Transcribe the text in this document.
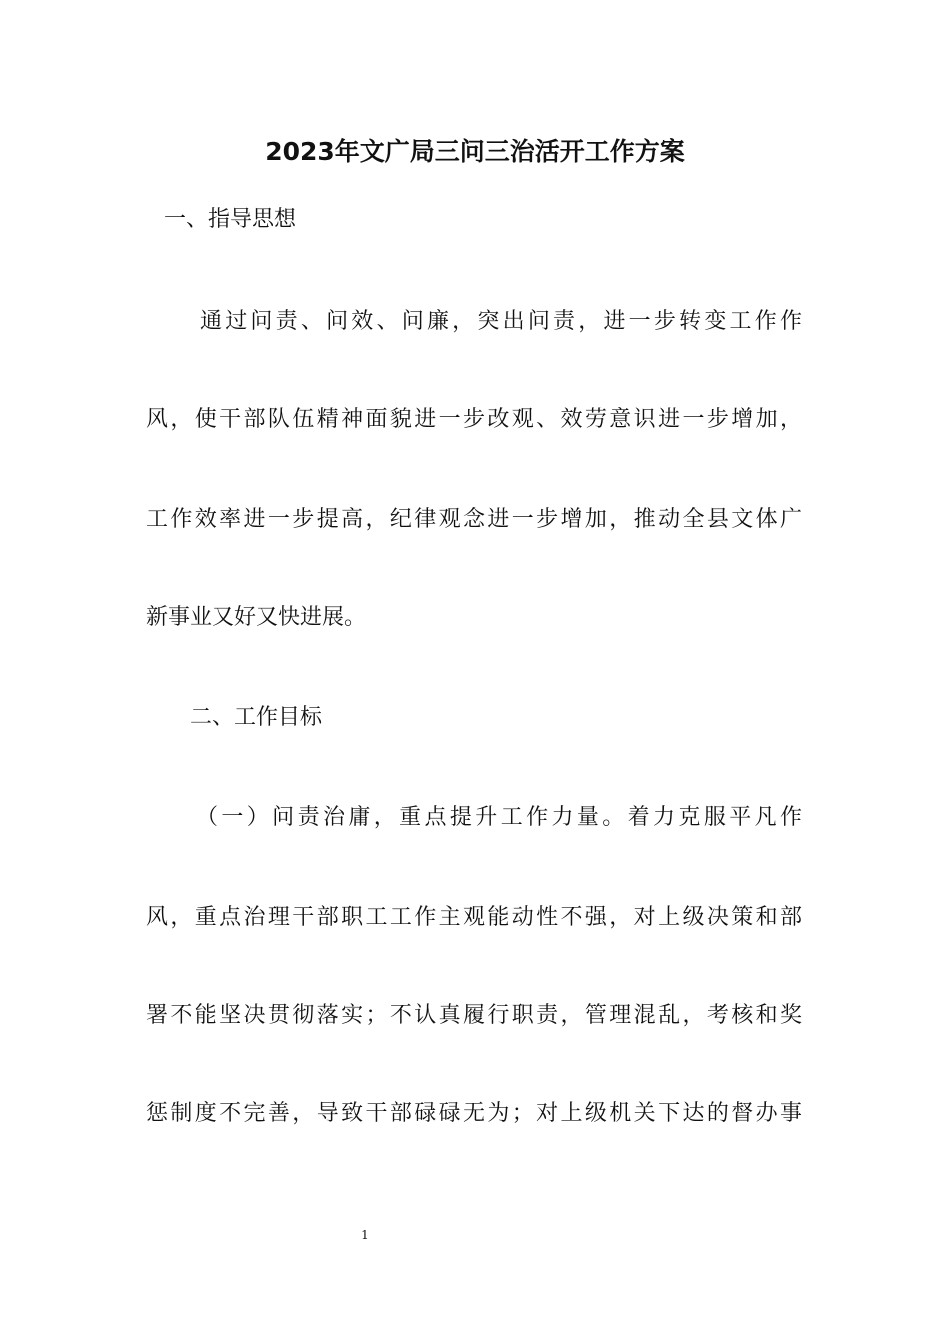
2023年文广局三问三治活开工作方案

一、指导思想

通过问责、问效、问廉，突出问责，进一步转变工作作

风，使干部队伍精神面貌进一步改观、效劳意识进一步增加，

工作效率进一步提高，纪律观念进一步增加，推动全县文体广

新事业又好又快进展。

二、工作目标

（一）问责治庸，重点提升工作力量。着力克服平凡作

风，重点治理干部职工工作主观能动性不强，对上级决策和部

署不能坚决贯彻落实；不认真履行职责，管理混乱，考核和奖

惩制度不完善，导致干部碌碌无为；对上级机关下达的督办事

1
